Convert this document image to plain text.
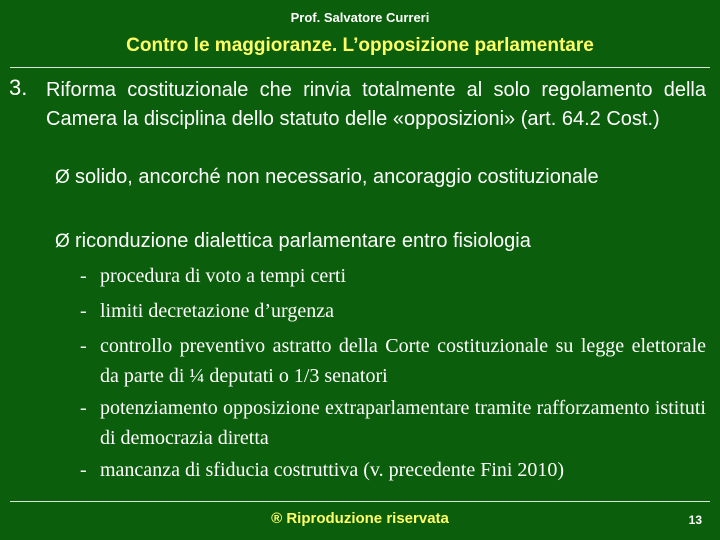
Prof. Salvatore Curreri
Contro le maggioranze. L’opposizione parlamentare
3. Riforma costituzionale che rinvia totalmente al solo regolamento della Camera la disciplina dello statuto delle «opposizioni» (art. 64.2 Cost.)
Ø solido, ancorché non necessario, ancoraggio costituzionale
Ø riconduzione dialettica parlamentare entro fisiologia
- procedura di voto a tempi certi
- limiti decretazione d’urgenza
- controllo preventivo astratto della Corte costituzionale su legge elettorale da parte di ¼ deputati o 1/3 senatori
- potenziamento opposizione extraparlamentare tramite rafforzamento istituti di democrazia diretta
- mancanza di sfiducia costruttiva (v. precedente Fini 2010)
® Riproduzione riservata	13
